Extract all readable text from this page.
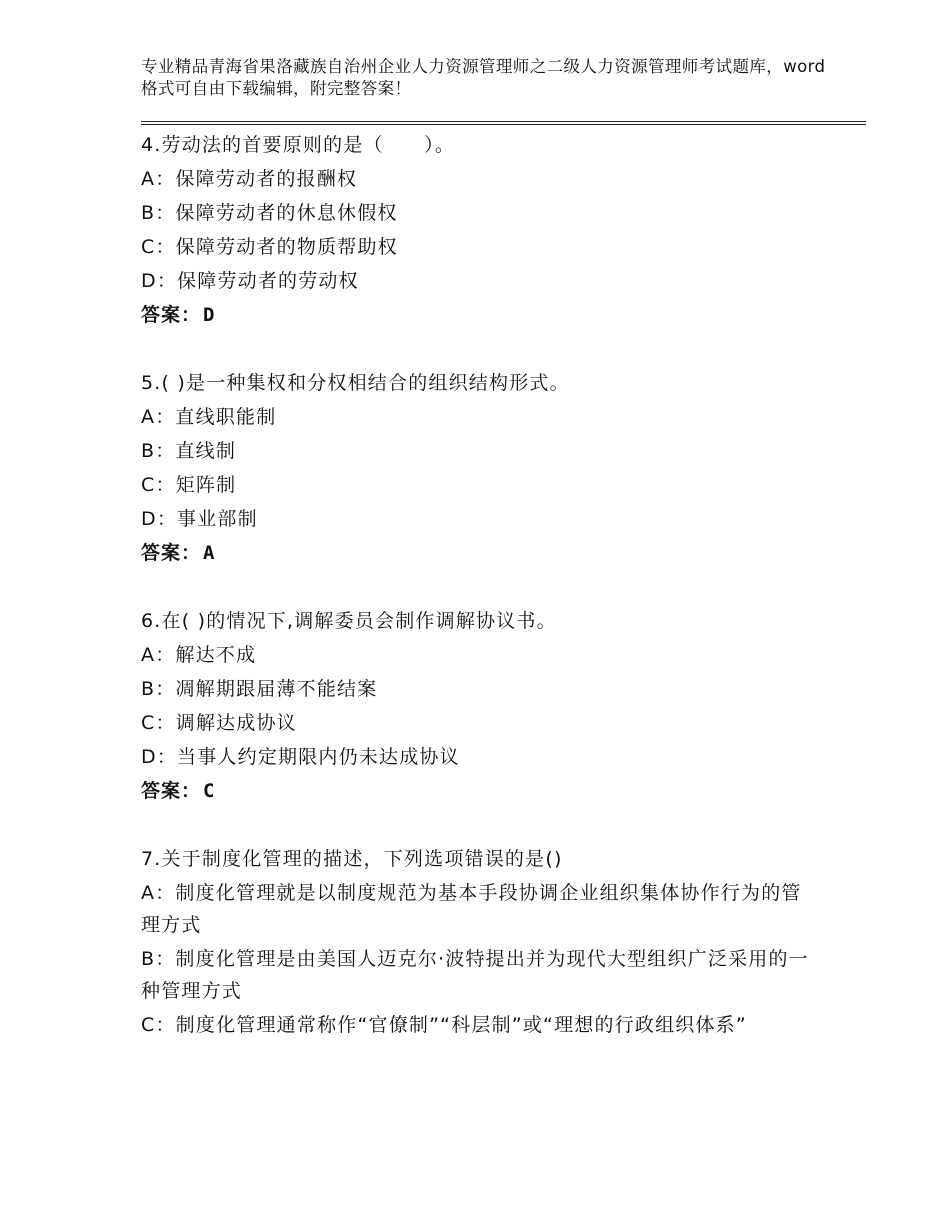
专业精品青海省果洛藏族自治州企业人力资源管理师之二级人力资源管理师考试题库，word格式可自由下载编辑，附完整答案！

4.劳动法的首要原则的是（　　）。

A：保障劳动者的报酬权

B：保障劳动者的休息休假权

C：保障劳动者的物质帮助权

D：保障劳动者的劳动权

答案： D

5.( )是一种集权和分权相结合的组织结构形式。

A：直线职能制

B：直线制

C：矩阵制

D：事业部制

答案： A

6.在( )的情况下,调解委员会制作调解协议书。

A：解达不成

B：凋解期跟届薄不能结案

C：调解达成协议

D：当事人约定期限内仍未达成协议

答案： C

7.关于制度化管理的描述，下列选项错误的是()

A：制度化管理就是以制度规范为基本手段协调企业组织集体协作行为的管理方式

B：制度化管理是由美国人迈克尔·波特提出并为现代大型组织广泛采用的一种管理方式

C：制度化管理通常称作“官僚制”“科层制”或“理想的行政组织体系”
